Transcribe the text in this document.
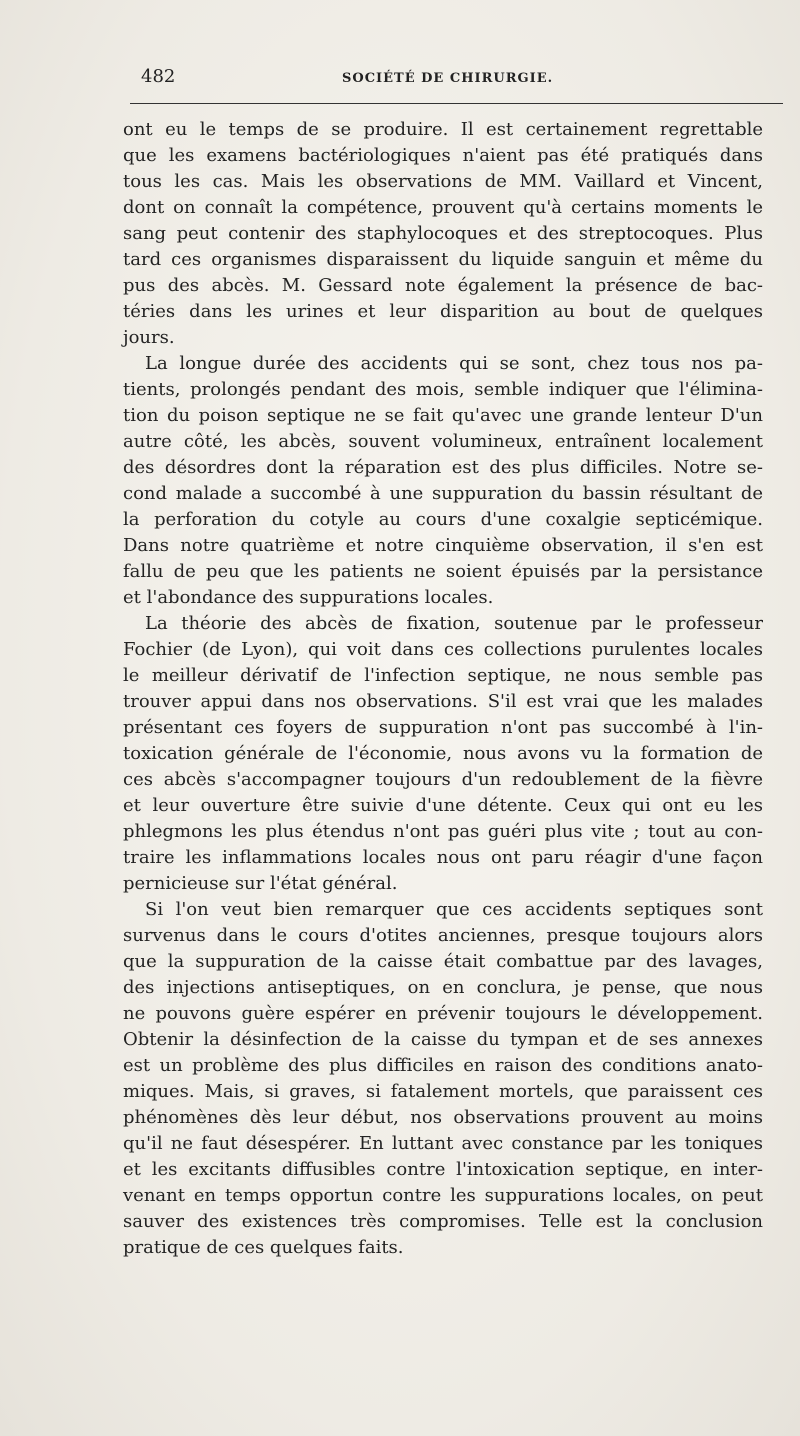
482	SOCIÉTÉ DE CHIRURGIE.
ont eu le temps de se produire. Il est certainement regrettable
que les examens bactériologiques n'aient pas été pratiqués dans
tous les cas. Mais les observations de MM. Vaillard et Vincent,
dont on connaît la compétence, prouvent qu'à certains moments le
sang peut contenir des staphylocoques et des streptocoques. Plus
tard ces organismes disparaissent du liquide sanguin et même du
pus des abcès. M. Gessard note également la présence de bac-
téries dans les urines et leur disparition au bout de quelques
jours.
La longue durée des accidents qui se sont, chez tous nos pa-
tients, prolongés pendant des mois, semble indiquer que l'élimina-
tion du poison septique ne se fait qu'avec une grande lenteur D'un
autre côté, les abcès, souvent volumineux, entraînent localement
des désordres dont la réparation est des plus difficiles. Notre se-
cond malade a succombé à une suppuration du bassin résultant de
la perforation du cotyle au cours d'une coxalgie septicémique.
Dans notre quatrième et notre cinquième observation, il s'en est
fallu de peu que les patients ne soient épuisés par la persistance
et l'abondance des suppurations locales.
La théorie des abcès de fixation, soutenue par le professeur
Fochier (de Lyon), qui voit dans ces collections purulentes locales
le meilleur dérivatif de l'infection septique, ne nous semble pas
trouver appui dans nos observations. S'il est vrai que les malades
présentant ces foyers de suppuration n'ont pas succombé à l'in-
toxication générale de l'économie, nous avons vu la formation de
ces abcès s'accompagner toujours d'un redoublement de la fièvre
et leur ouverture être suivie d'une détente. Ceux qui ont eu les
phlegmons les plus étendus n'ont pas guéri plus vite ; tout au con-
traire les inflammations locales nous ont paru réagir d'une façon
pernicieuse sur l'état général.
Si l'on veut bien remarquer que ces accidents septiques sont
survenus dans le cours d'otites anciennes, presque toujours alors
que la suppuration de la caisse était combattue par des lavages,
des injections antiseptiques, on en conclura, je pense, que nous
ne pouvons guère espérer en prévenir toujours le développement.
Obtenir la désinfection de la caisse du tympan et de ses annexes
est un problème des plus difficiles en raison des conditions anato-
miques. Mais, si graves, si fatalement mortels, que paraissent ces
phénomènes dès leur début, nos observations prouvent au moins
qu'il ne faut désespérer. En luttant avec constance par les toniques
et les excitants diffusibles contre l'intoxication septique, en inter-
venant en temps opportun contre les suppurations locales, on peut
sauver des existences très compromises. Telle est la conclusion
pratique de ces quelques faits.
